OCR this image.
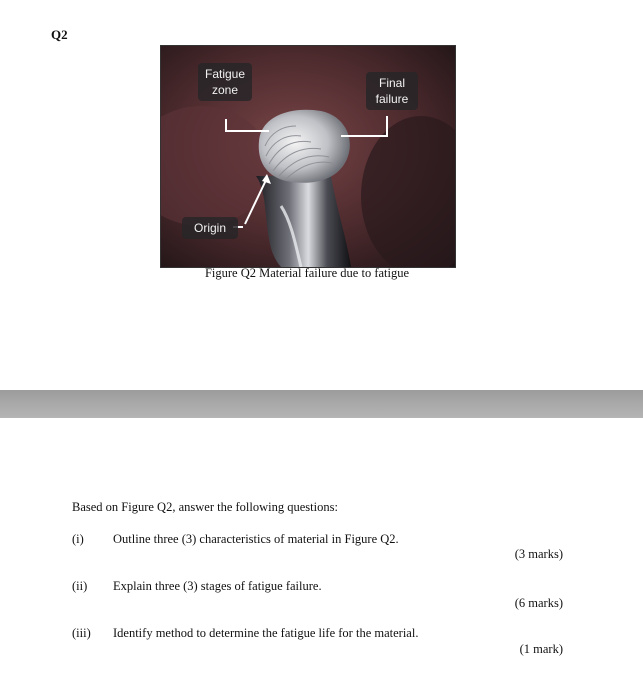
Q2
Fatigue zone	Final failure
Origin
Figure Q2 Material failure due to fatigue
Based on Figure Q2, answer the following questions:
(i) Outline three (3) characteristics of material in Figure Q2.
(3 marks)
(ii) Explain three (3) stages of fatigue failure.
(6 marks)
(iii) Identify method to determine the fatigue life for the material.
(1 mark)
